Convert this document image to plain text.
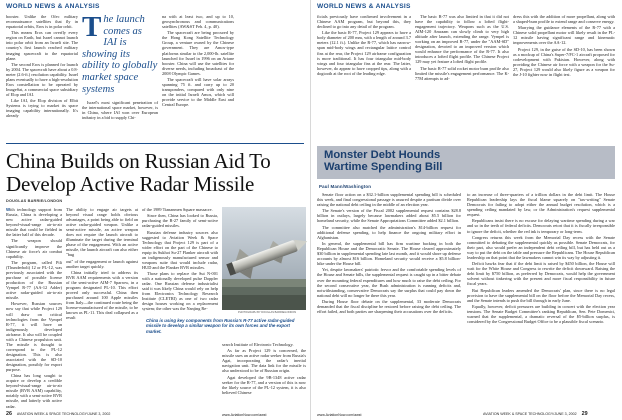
WORLD NEWS & ANALYSIS

booster. Unlike the Ofec military reconnaissance satellites that fly in equatorial orbits, Eros is in polar orbit.

This means Eros can overfly every region on Earth, but Israel cannot launch into polar orbit from an Israeli site. The country's first launch reached military imaging spacecraft to the equatorial plane.

The second Eros is planned for launch by 2004. The spacecraft have about a 0.8-meter (2.6-ft.) resolution capability. Israel plans eventually to have a high-resolution Eros constellation to be operated by ImageSat, a commercial space subsidiary of Elop and IAI.

Like IAI, the Elop division of Elbit Systems is trying to market its space imaging capability internationally. It's already

T he launch comes as IAI is showing its ability to globally market space systems

na with at least two, and up to 10, geosynchronous and communications satellites (AW&ST Feb. 4, p. 40).

The spacecraft are being procured by the Hong Kong Satellite Technology Group, a venture owned by the Chinese government. They are Amos-type platforms similar to the 2,000-lb. satellite launched for Israel in 1996 on an Ariane booster. China will use the satellites for diverse needs, including broadcast of the 2008 Olympic Games.

The spacecraft will have solar arrays spanning 75 ft. and carry up to 20 transponders, compared with only nine on the initial Israeli Amos, which will provide service to the Middle East and Central Europe.

Israel's most significant penetration of the international space market, however, is in China, where IAI won over European industry in a bid to supply Chi-

China Builds on Russian Aid To Develop Active Radar Missile
DOUGLAS BARRIE/LONDON

With technology support from Russia, China is developing a new active radar-guided beyond-visual-range air-to-air missile that could be fielded in the latter half of this decade.

The weapon should significantly improve the Chinese air force's air combat capability.

The program, called Pili (Thunderbolt) 12 or PL-12, was previously associated with the purchase of possible license production of the Russian Vympel R-77 (AA-12 Adder) active radar-guided air-to-air missile.

However, Russian sources now say that while Project 129 will draw on critical technologies from the Vympel R-77, it will have an indigenously developed airframe. It also will be coupled with a Chinese propulsion unit. The missile is thought to correspond to the PL-12 designation. This is also associated with the SD-10 designation, possibly for export purpose.

China has long sought to acquire or develop a credible beyond-visual-range air-to-air missile (BVR AAM) capability, notably with a semi-active BVR missile, and latterly with active radar.

The ability to engage air targets at beyond visual range holds obvious advantages, a point being able to field an active radar-guided weapon. Unlike a semi-active missile, an active weapon does not require the launch aircraft to illuminate the target during the terminal phase of the engagement. With an active missile, the launch aircraft can also either "bug

out" of the engagement or launch against another target quickly.

China initially tried to address its BVR AAM requirements with a version of the semi-active AIM-7 Sparrow, in a program designated PL-10. This effort proved only successful. China then purchased around 100 Apple missiles from Italy—the continued route being the license-manufactured of the missile, to be known as PL-11. This deal collapsed as a result

of the 1989 Tiananmen Square massacre.

Since then, China has looked to Russia, purchasing the R-27 family of semi-active radar-guided missiles.

Russian defense industry sources also suggested to Aviation Week & Space Technology that Project 129 is part of a wider effort on the part of the Chinese to equip its Sukhoi Su-27 Flanker aircraft with an indigenously manufactured sensor and weapons suite that would include radar, HUD and the Flanker BVR missiles.

Those plans to replace the Sui N-001 with a nationally developed pulse Doppler radar. One Russian defense industrialist said it was likely China would rely on help from Electronics Technology Research Institute (CLETRI) as one of two radar design houses working on a replacement system; the other was the Nanjing Re-

PHOTOGRAPH BY DOUGLAS BARRIE/LONDON
China is using key components from Russia's R-77 active radar-guided missile to develop a similar weapon for its own forces and the export market.

search Institute of Electronic Technology.

As far as Project 129 is concerned, the missile uses an active radar seeker from Russia's Agat, incorporating the radar's inertial navigation unit. The data link for the missile is also understood to be of Russian origin.

Agat developed the 9B-1348 active radar seeker for the R-77, and a version of this is now the likely source of the PL-12 system, it is also believed Chinese

26 AVIATION WEEK & SPACE TECHNOLOGY/JUNE 3, 2002	www.AviationNow.com/awst
WORLD NEWS & ANALYSIS

ficials previously have confirmed involvement in a Chinese AAM program, but beyond this, they declined to go into any detail of the program.

Like the basic R-77, Project 129 appears to have a body diameter of 200 mm, with a length of around 3.7 meters (12.1 ft.). Unlike the R-77, which has narrow-span mid-body wings and rectangular lattice control fins at the rear, the Project 129 airframe configuration is more traditional. It has four triangular mid-body wings and four triangular fins at the rear. The latter, however, do appear to have cropped tips, along with a dogtooth at the root of the leading edge.

The basic R-77 was also limited in that it did not have the capability to follow a lofted flight-engagement trajectory. Weapons such as the U.S. AIM-120 Amraam can slowly climb to very high altitude after launch, extending the range. Vympel is working on an improved R-77, under the "AAM-SD" designation, devoted to an improved version which would enhance the performance of the R-77. It also introduces a lofted flight profile. The Chinese Project 129 may yet feature a lofted flight profile.

The basic R-77 solid rocket motor burn profile also limited the missile's engagement performance. The K-77M attempts to ad-

dress this with the addition of more propellant, along with a shaped-burn profile to extend range and conserve energy.

Marrying the guidance elements of the R-77 with a Chinese solid propellant motor will likely result in the PL-12 missile having significant range and kinematic improvements over the AA-12.

Project 129, in the guise of the SD-10, has been shown as a mockup of China's Super-7/FC-1 aircraft proposed for codevelopment with Pakistan. However, along with providing the Chinese air force with a weapon for the Su-27, Project 129 would also likely figure as a weapon for the J-10 fighter now in flight test.

Monster Debt Hounds
Wartime Spending Bill
Paul Mann/Washington

Senate floor action on a $32.1-billion supplemental spending bill is scheduled this week, and final congressional passage is assured despite a partisan divide over raising the national debt ceiling in the middle of an election year.

The Senate's version of the Fiscal 2002 supplemental request contains $28.8 billion in outlays, largely because lawmakers added about $5.5 billion for homeland security, while the Senate Appropriations Committee added $2.1 billion.

The committee also matched the administration's $14-billion request for additional defense spending, to help finance the ongoing military effort in Afghanistan.

In general, the supplemental bill has firm wartime backing in both the Republican House and the Democratic Senate. The House cleared approximately $30 billion in supplemental spending late last month, and it would shore up defense accounts by almost $16 billion. Homeland security would receive a $5.8 billion-hike under the House bill.

Yet, despite lawmakers' patriotic fervor and the comfortable spending levels of the House and Senate bills, the supplemental request is caught up in a bitter debate over the mounting federal expenditures and how much to raise the debt ceiling. For the second consecutive year, the Bush administration is running deficits and, notwithstanding, conservative Democrats say the surplus that could pay down the national debt will no longer be there this year.

During House floor debate on the supplemental, 33 moderate Democrats demanded that the fiscal discipline be restored before raising the debt ceiling. The effort failed, and both parties are sharpening their accusations over the deficits.

to an increase of three-quarters of a trillion dollars in the debt limit. The House Republican leadership lays the fiscal blame squarely on "tax-writing" Senate Democrats for failing to adopt either the annual budget resolution, which is a spending ceiling mandated by law, or the Administration's request supplemental request.

Republicans insist there is no excuse for delaying wartime spending during a war and so in the teeth of federal deficits. Democrats retort that it is fiscally irresponsible to ignore the deficit, whether the red ink is temporary or long-term.

Congress returns this week from the Memorial Day recess with the Senate committed to debating the supplemental quickly as possible. Senate Democrats, for their part, also would prefer an independent debt ceiling bill, but has held out as a way to put the debt on the table and pressure the Republicans. The House Republican leadership on that point that the lawmakers cannot win its way by adjusting it.

Deficit hawks fear that if the debt limit is raised by $450 billion, the House will wait for the White House and Congress to rewrite the deficit downward. Raising the debt limit by $750 billion, as preferred by Democrats, would help the government solvent without tinkering with the present and more fiscal responsibility in future fiscal years.

But Republican leaders amended the Democrats' plan, since there is no legal provision to have the supplemental bill on the floor before the Memorial Day recess, and the Senate intends to push the bill through in early June.

Equally, however, deficit pressures are building in concert with the election year tensions. The Senate Budget Committee's ranking Republican, Sen. Pete Domenici, warned that the supplemental, a dramatic reversal of the $5-billion surplus, is considered by the Congressional Budget Office to be a plausible fiscal scenario.

www.AviationNow.com/awst	AVIATION WEEK & SPACE TECHNOLOGY/JUNE 3, 2002 29
